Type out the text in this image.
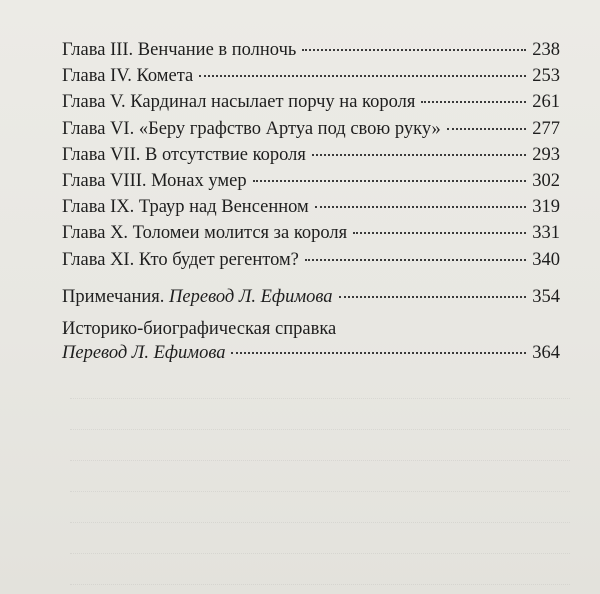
Глава III. Венчание в полночь	238
Глава IV. Комета	253
Глава V. Кардинал насылает порчу на короля	261
Глава VI. «Беру графство Артуа под свою руку»	277
Глава VII. В отсутствие короля	293
Глава VIII. Монах умер	302
Глава IX. Траур над Венсенном	319
Глава X. Толомеи молится за короля	331
Глава XI. Кто будет регентом?	340
Примечания. Перевод Л. Ефимова	354
Историко-биографическая справка
Перевод Л. Ефимова	364
